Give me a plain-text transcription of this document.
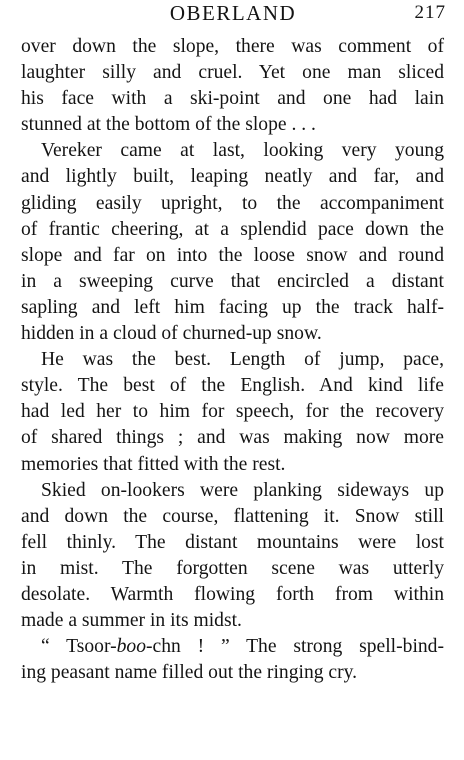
OBERLAND	217
over down the slope, there was comment of
laughter silly and cruel. Yet one man sliced
his face with a ski-point and one had lain
stunned at the bottom of the slope . . .
Vereker came at last, looking very young
and lightly built, leaping neatly and far, and
gliding easily upright, to the accompaniment
of frantic cheering, at a splendid pace down the
slope and far on into the loose snow and round
in a sweeping curve that encircled a distant
sapling and left him facing up the track half-
hidden in a cloud of churned-up snow.
He was the best. Length of jump, pace,
style. The best of the English. And kind life
had led her to him for speech, for the recovery
of shared things ; and was making now more
memories that fitted with the rest.
Skied on-lookers were planking sideways up
and down the course, flattening it. Snow still
fell thinly. The distant mountains were lost
in mist. The forgotten scene was utterly
desolate. Warmth flowing forth from within
made a summer in its midst.
“ Tsoor-boo-chn ! ” The strong spell-bind-
ing peasant name filled out the ringing cry.
